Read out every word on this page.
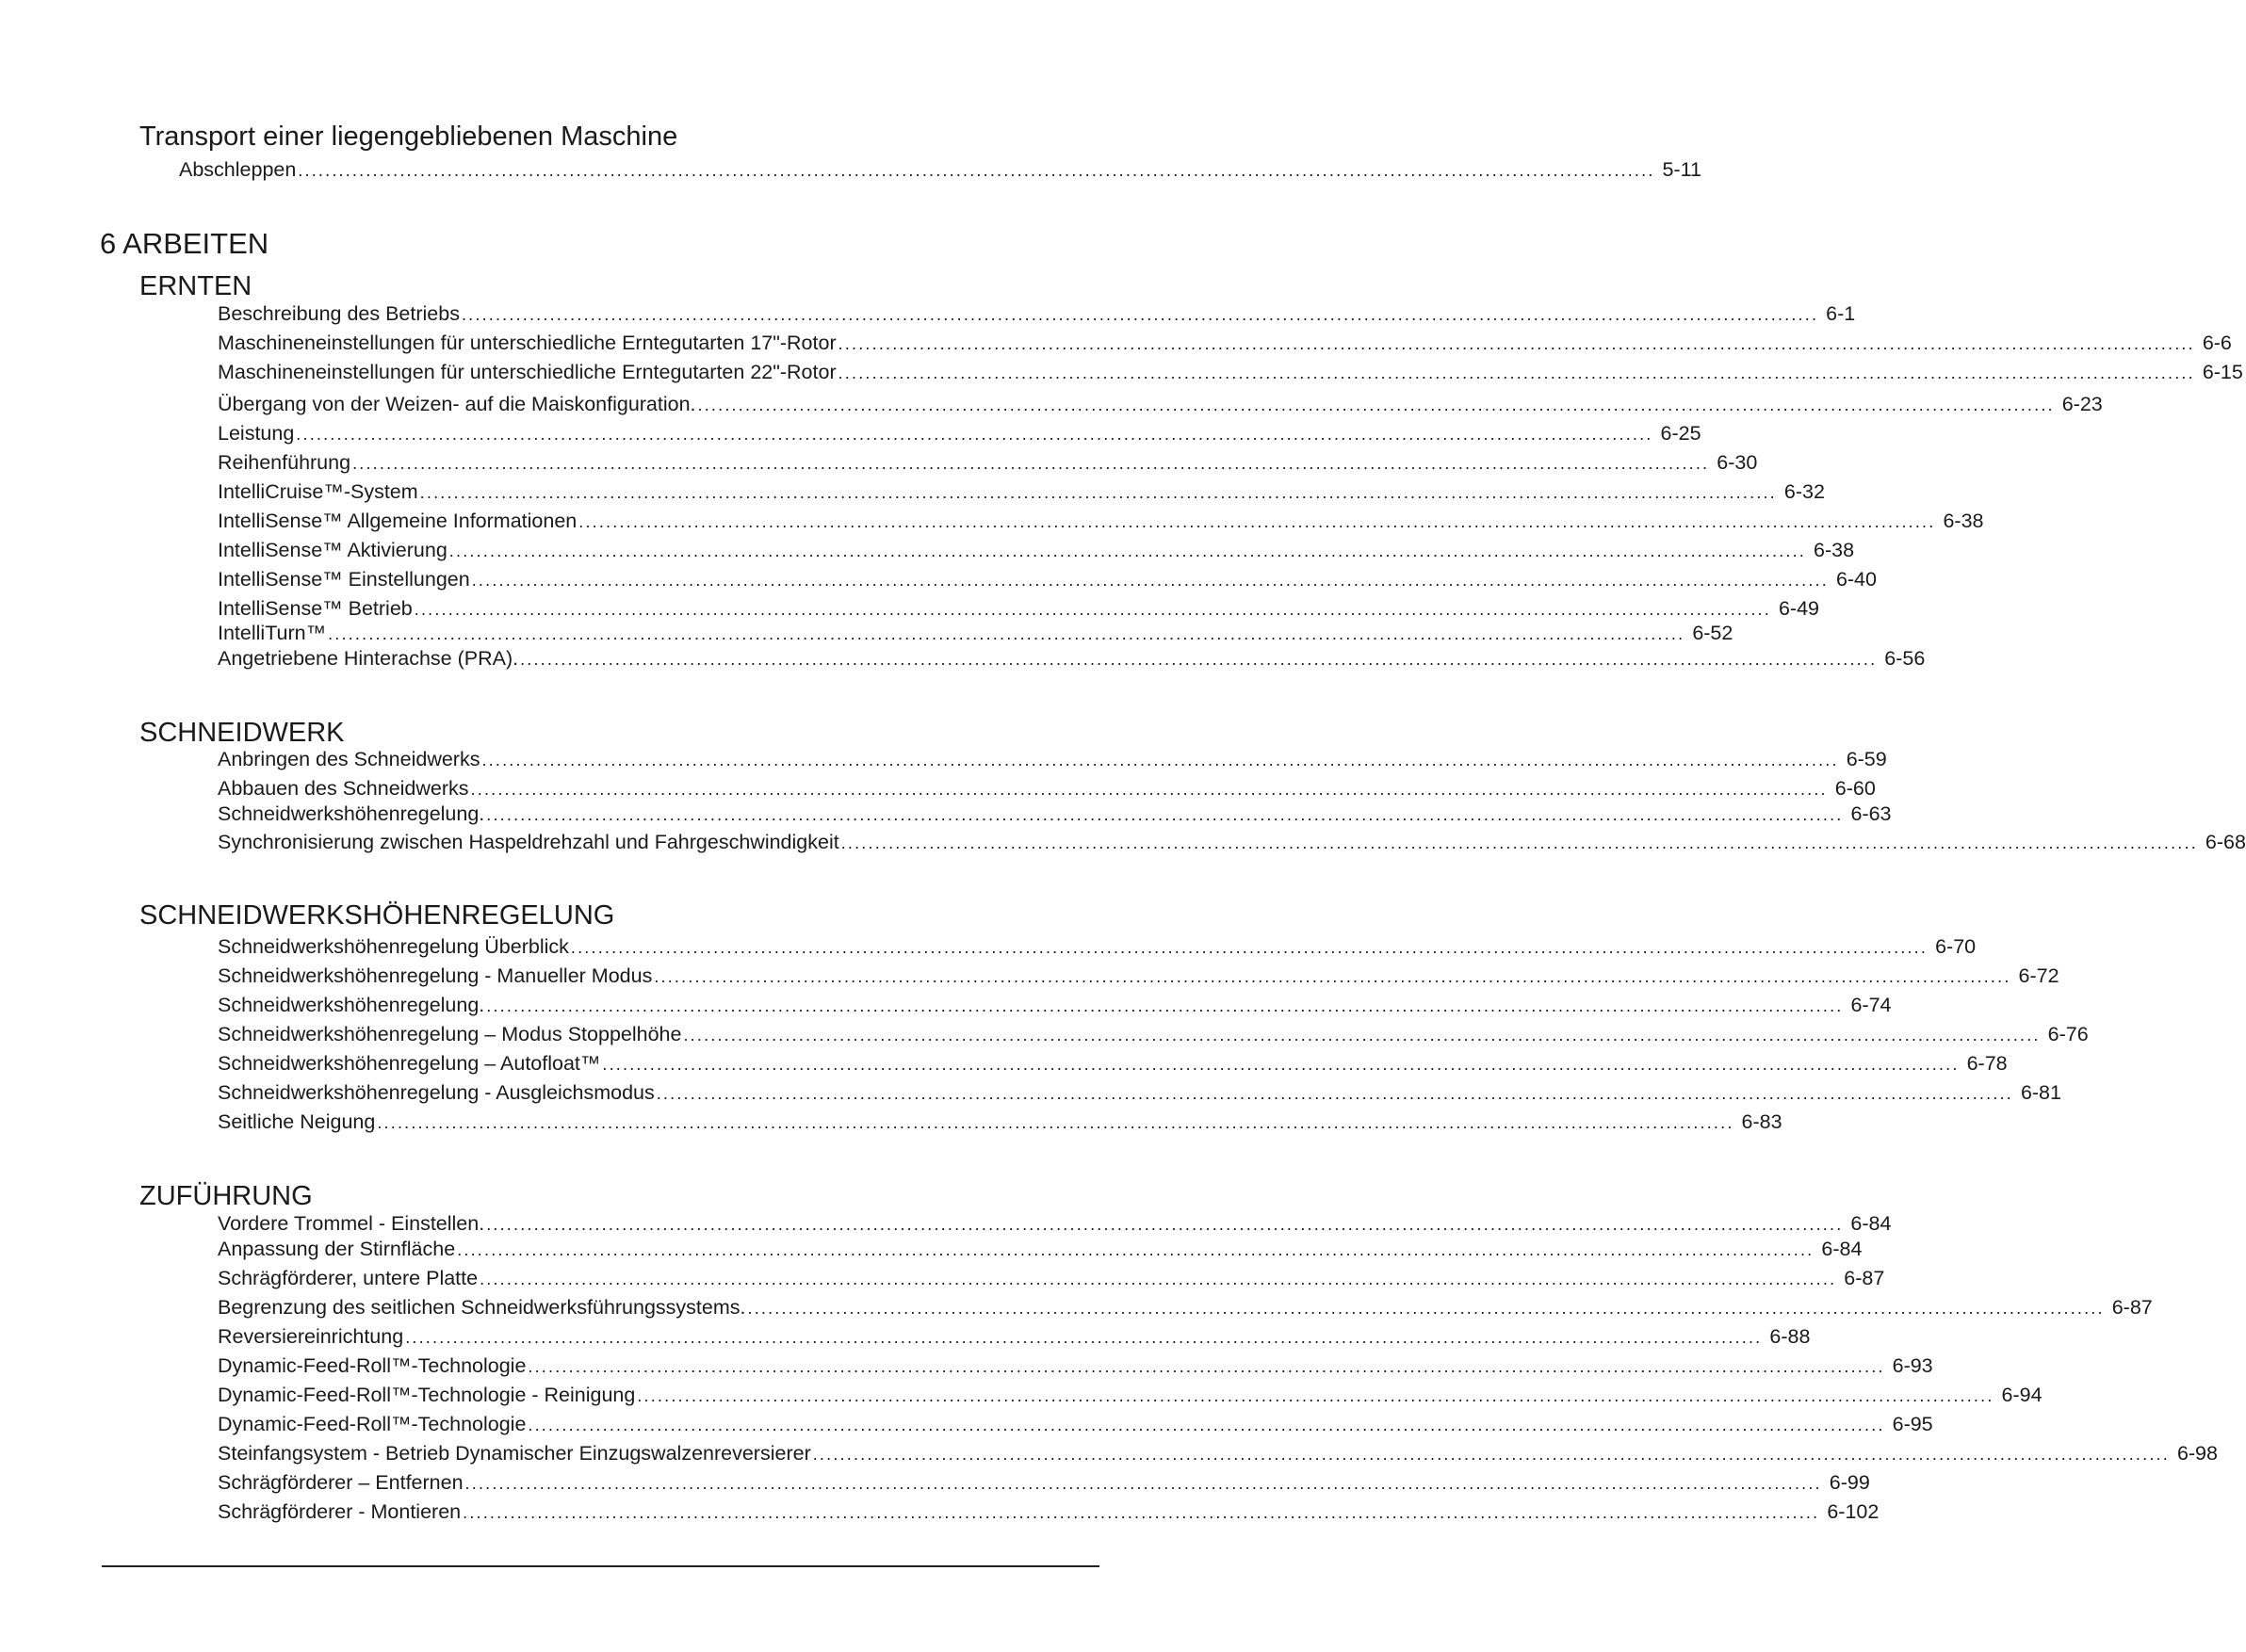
Transport einer liegengebliebenen Maschine
Abschleppen ........................................................................................................................................................................................................ 5-11
6 ARBEITEN
ERNTEN
Beschreibung des Betriebs ........................................................................................................................................................................................................ 6-1
Maschineneinstellungen für unterschiedliche Erntegutarten 17"-Rotor ........................................................................................................................................................................................................ 6-6
Maschineneinstellungen für unterschiedliche Erntegutarten 22"-Rotor ........................................................................................................................................................................................................ 6-15
Übergang von der Weizen- auf die Maiskonfiguration. ........................................................................................................................................................................................................ 6-23
Leistung ........................................................................................................................................................................................................ 6-25
Reihenführung ........................................................................................................................................................................................................ 6-30
IntelliCruise™-System ........................................................................................................................................................................................................ 6-32
IntelliSense™ Allgemeine Informationen ........................................................................................................................................................................................................ 6-38
IntelliSense™ Aktivierung ........................................................................................................................................................................................................ 6-38
IntelliSense™ Einstellungen ........................................................................................................................................................................................................ 6-40
IntelliSense™ Betrieb ........................................................................................................................................................................................................ 6-49
IntelliTurn™ ........................................................................................................................................................................................................ 6-52
Angetriebene Hinterachse (PRA). ........................................................................................................................................................................................................ 6-56
SCHNEIDWERK
Anbringen des Schneidwerks ........................................................................................................................................................................................................ 6-59
Abbauen des Schneidwerks ........................................................................................................................................................................................................ 6-60
Schneidwerkshöhenregelung. ........................................................................................................................................................................................................ 6-63
Synchronisierung zwischen Haspeldrehzahl und Fahrgeschwindigkeit ........................................................................................................................................................................................................ 6-68
SCHNEIDWERKSHÖHENREGELUNG
Schneidwerkshöhenregelung Überblick ........................................................................................................................................................................................................ 6-70
Schneidwerkshöhenregelung - Manueller Modus ........................................................................................................................................................................................................ 6-72
Schneidwerkshöhenregelung. ........................................................................................................................................................................................................ 6-74
Schneidwerkshöhenregelung – Modus Stoppelhöhe ........................................................................................................................................................................................................ 6-76
Schneidwerkshöhenregelung – Autofloat™ ........................................................................................................................................................................................................ 6-78
Schneidwerkshöhenregelung - Ausgleichsmodus ........................................................................................................................................................................................................ 6-81
Seitliche Neigung ........................................................................................................................................................................................................ 6-83
ZUFÜHRUNG
Vordere Trommel - Einstellen. ........................................................................................................................................................................................................ 6-84
Anpassung der Stirnfläche ........................................................................................................................................................................................................ 6-84
Schrägförderer, untere Platte ........................................................................................................................................................................................................ 6-87
Begrenzung des seitlichen Schneidwerksführungssystems. ........................................................................................................................................................................................................ 6-87
Reversiereinrichtung ........................................................................................................................................................................................................ 6-88
Dynamic-Feed-Roll™-Technologie ........................................................................................................................................................................................................ 6-93
Dynamic-Feed-Roll™-Technologie - Reinigung ........................................................................................................................................................................................................ 6-94
Dynamic-Feed-Roll™-Technologie ........................................................................................................................................................................................................ 6-95
Steinfangsystem - Betrieb Dynamischer Einzugswalzenreversierer ........................................................................................................................................................................................................ 6-98
Schrägförderer – Entfernen ........................................................................................................................................................................................................ 6-99
Schrägförderer - Montieren ........................................................................................................................................................................................................ 6-102
